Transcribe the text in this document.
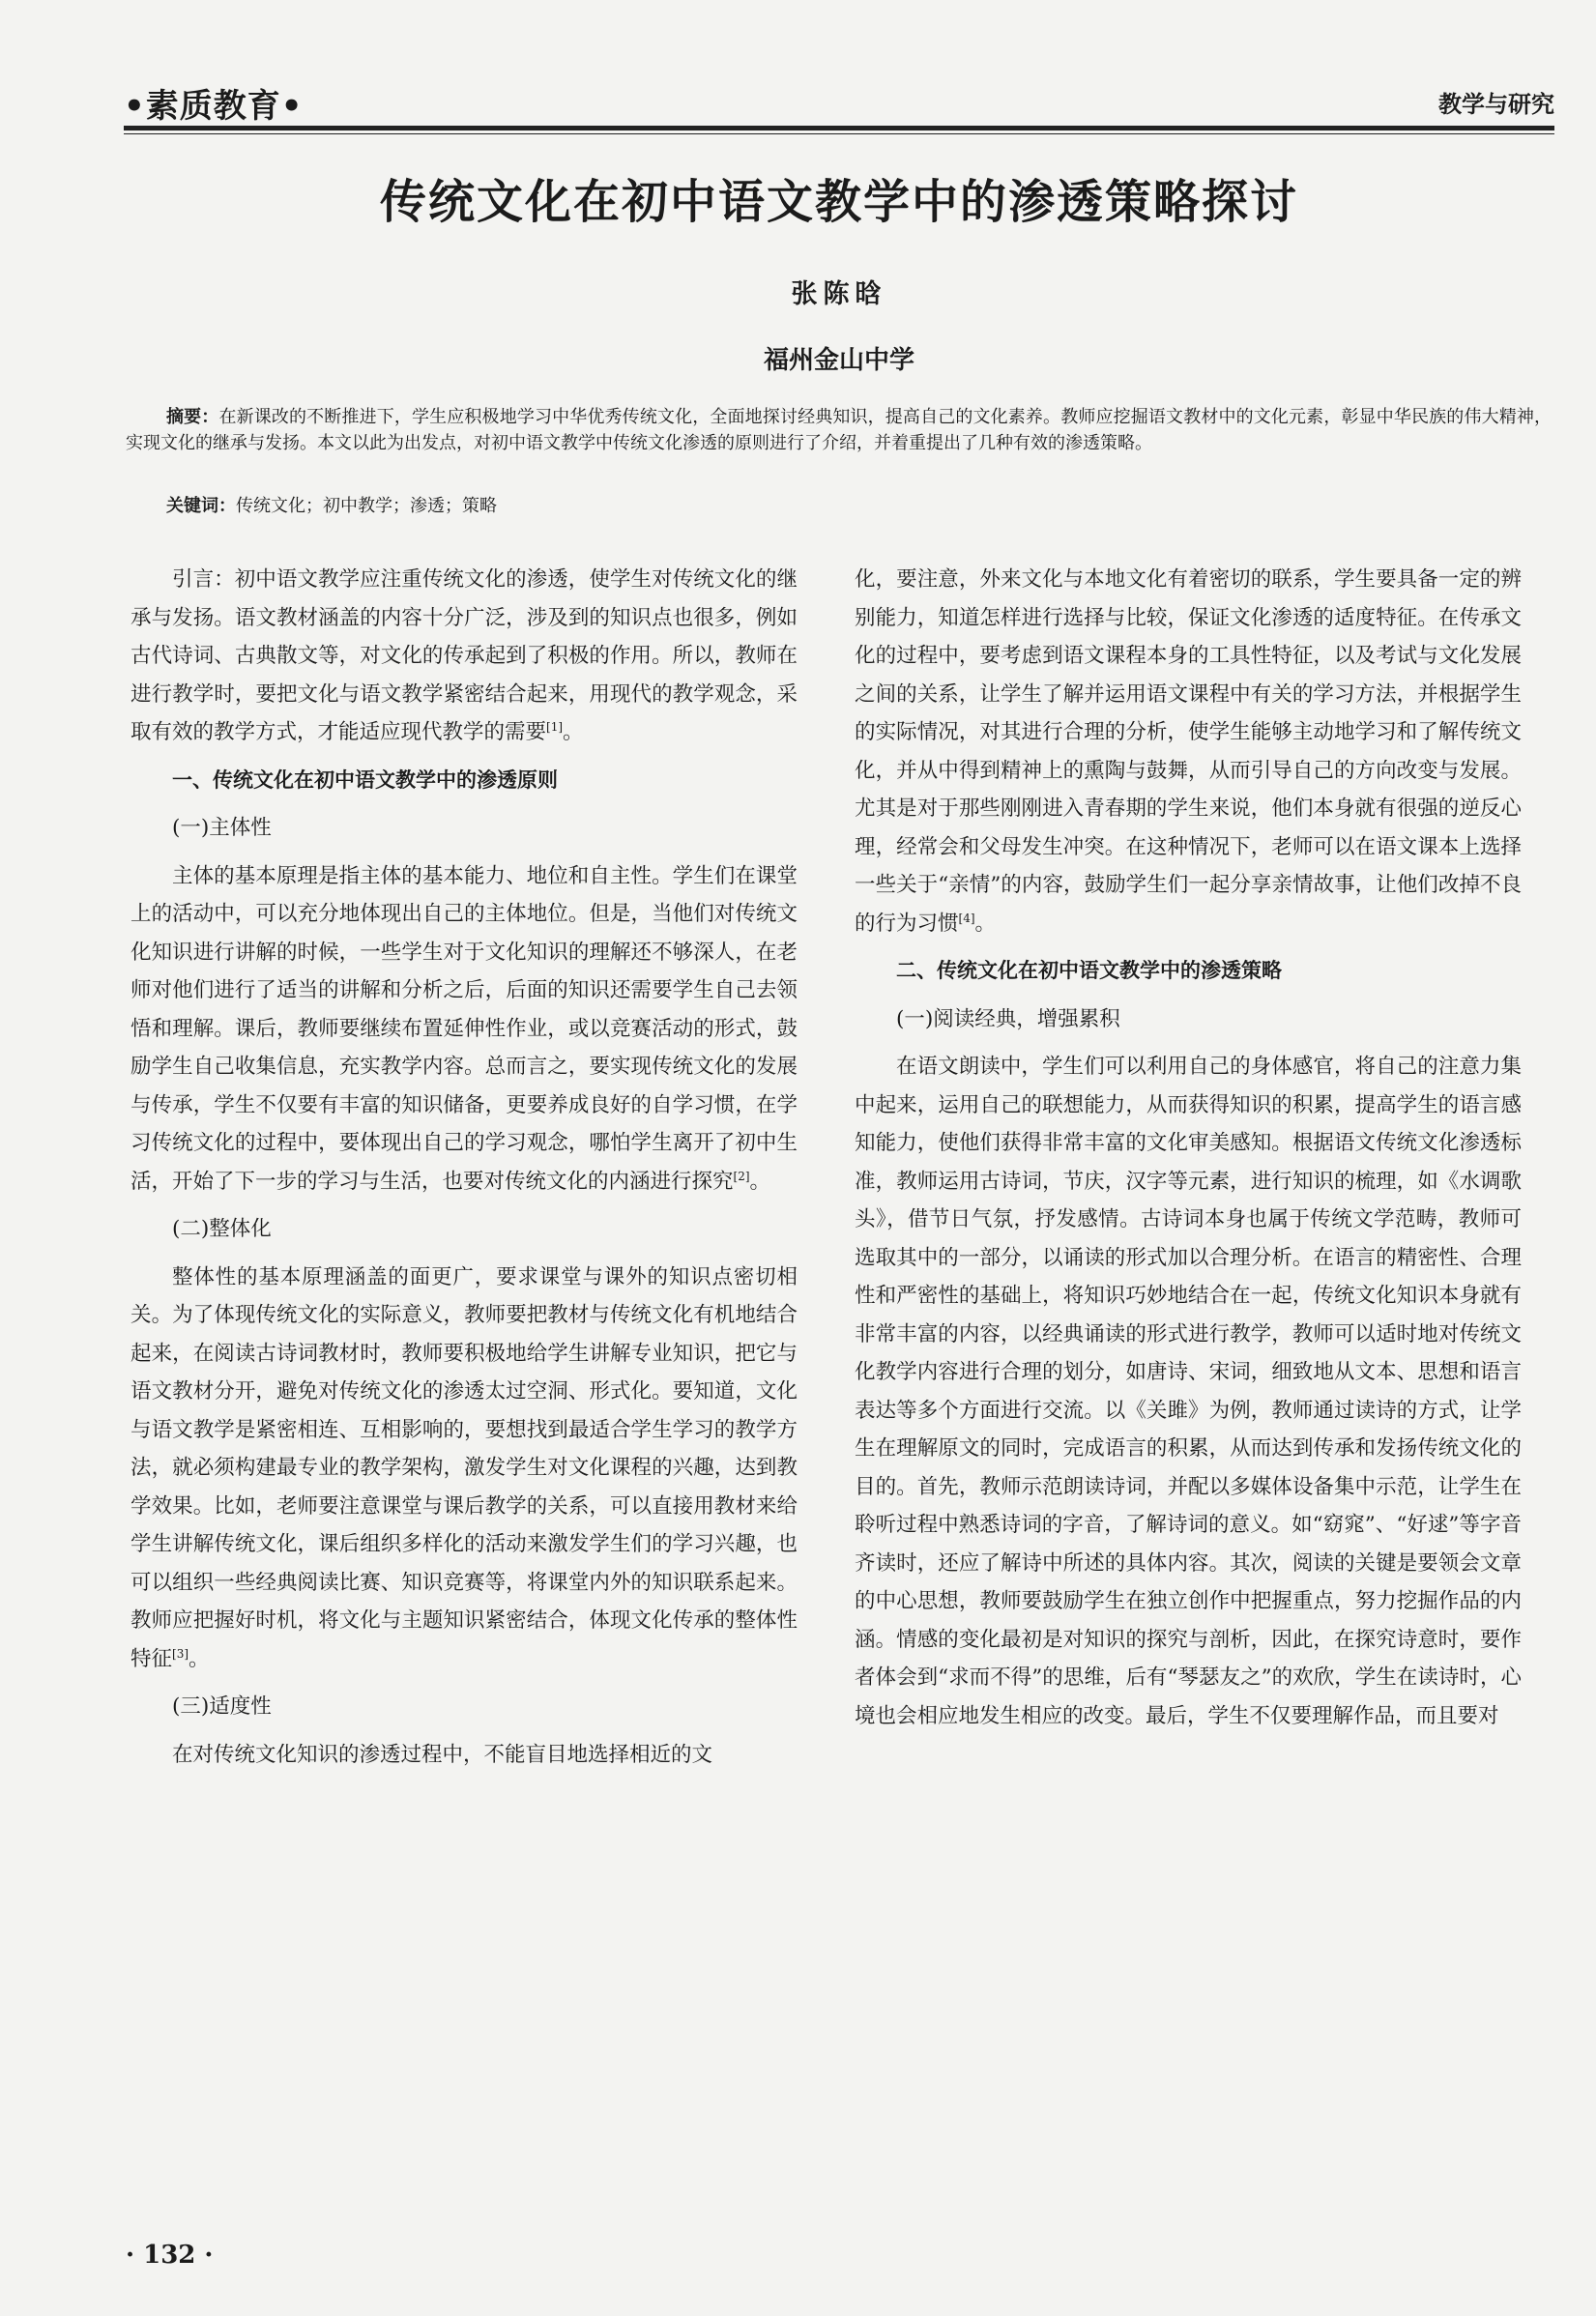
•素质教育•	教学与研究
传统文化在初中语文教学中的渗透策略探讨
张陈晗
福州金山中学
摘要：在新课改的不断推进下，学生应积极地学习中华优秀传统文化，全面地探讨经典知识，提高自己的文化素养。教师应挖掘语文教材中的文化元素，彰显中华民族的伟大精神，实现文化的继承与发扬。本文以此为出发点，对初中语文教学中传统文化渗透的原则进行了介绍，并着重提出了几种有效的渗透策略。
关键词：传统文化；初中教学；渗透；策略

引言：初中语文教学应注重传统文化的渗透，使学生对传统文化的继承与发扬。语文教材涵盖的内容十分广泛，涉及到的知识点也很多，例如古代诗词、古典散文等，对文化的传承起到了积极的作用。所以，教师在进行教学时，要把文化与语文教学紧密结合起来，用现代的教学观念，采取有效的教学方式，才能适应现代教学的需要[1]。

一、传统文化在初中语文教学中的渗透原则
(一)主体性

主体的基本原理是指主体的基本能力、地位和自主性。学生们在课堂上的活动中，可以充分地体现出自己的主体地位。但是，当他们对传统文化知识进行讲解的时候，一些学生对于文化知识的理解还不够深人，在老师对他们进行了适当的讲解和分析之后，后面的知识还需要学生自己去领悟和理解。课后，教师要继续布置延伸性作业，或以竞赛活动的形式，鼓励学生自己收集信息，充实教学内容。总而言之，要实现传统文化的发展与传承，学生不仅要有丰富的知识储备，更要养成良好的自学习惯，在学习传统文化的过程中，要体现出自己的学习观念，哪怕学生离开了初中生活，开始了下一步的学习与生活，也要对传统文化的内涵进行探究[2]。

(二)整体化

整体性的基本原理涵盖的面更广，要求课堂与课外的知识点密切相关。为了体现传统文化的实际意义，教师要把教材与传统文化有机地结合起来，在阅读古诗词教材时，教师要积极地给学生讲解专业知识，把它与语文教材分开，避免对传统文化的渗透太过空洞、形式化。要知道，文化与语文教学是紧密相连、互相影响的，要想找到最适合学生学习的教学方法，就必须构建最专业的教学架构，激发学生对文化课程的兴趣，达到教学效果。比如，老师要注意课堂与课后教学的关系，可以直接用教材来给学生讲解传统文化，课后组织多样化的活动来激发学生们的学习兴趣，也可以组织一些经典阅读比赛、知识竞赛等，将课堂内外的知识联系起来。教师应把握好时机，将文化与主题知识紧密结合，体现文化传承的整体性特征[3]。

(三)适度性

在对传统文化知识的渗透过程中，不能盲目地选择相近的文

化，要注意，外来文化与本地文化有着密切的联系，学生要具备一定的辨别能力，知道怎样进行选择与比较，保证文化渗透的适度特征。在传承文化的过程中，要考虑到语文课程本身的工具性特征，以及考试与文化发展之间的关系，让学生了解并运用语文课程中有关的学习方法，并根据学生的实际情况，对其进行合理的分析，使学生能够主动地学习和了解传统文化，并从中得到精神上的熏陶与鼓舞，从而引导自己的方向改变与发展。尤其是对于那些刚刚进入青春期的学生来说，他们本身就有很强的逆反心理，经常会和父母发生冲突。在这种情况下，老师可以在语文课本上选择一些关于“亲情”的内容，鼓励学生们一起分享亲情故事，让他们改掉不良的行为习惯[4]。

二、传统文化在初中语文教学中的渗透策略
(一)阅读经典，增强累积

在语文朗读中，学生们可以利用自己的身体感官，将自己的注意力集中起来，运用自己的联想能力，从而获得知识的积累，提高学生的语言感知能力，使他们获得非常丰富的文化审美感知。根据语文传统文化渗透标准，教师运用古诗词，节庆，汉字等元素，进行知识的梳理，如《水调歌头》，借节日气氛，抒发感情。古诗词本身也属于传统文学范畴，教师可选取其中的一部分，以诵读的形式加以合理分析。在语言的精密性、合理性和严密性的基础上，将知识巧妙地结合在一起，传统文化知识本身就有非常丰富的内容，以经典诵读的形式进行教学，教师可以适时地对传统文化教学内容进行合理的划分，如唐诗、宋词，细致地从文本、思想和语言表达等多个方面进行交流。以《关雎》为例，教师通过读诗的方式，让学生在理解原文的同时，完成语言的积累，从而达到传承和发扬传统文化的目的。首先，教师示范朗读诗词，并配以多媒体设备集中示范，让学生在聆听过程中熟悉诗词的字音，了解诗词的意义。如“窈窕”、“好逑”等字音齐读时，还应了解诗中所述的具体内容。其次，阅读的关键是要领会文章的中心思想，教师要鼓励学生在独立创作中把握重点，努力挖掘作品的内涵。情感的变化最初是对知识的探究与剖析，因此，在探究诗意时，要作者体会到“求而不得”的思维，后有“琴瑟友之”的欢欣，学生在读诗时，心境也会相应地发生相应的改变。最后，学生不仅要理解作品，而且要对

· 132 ·
